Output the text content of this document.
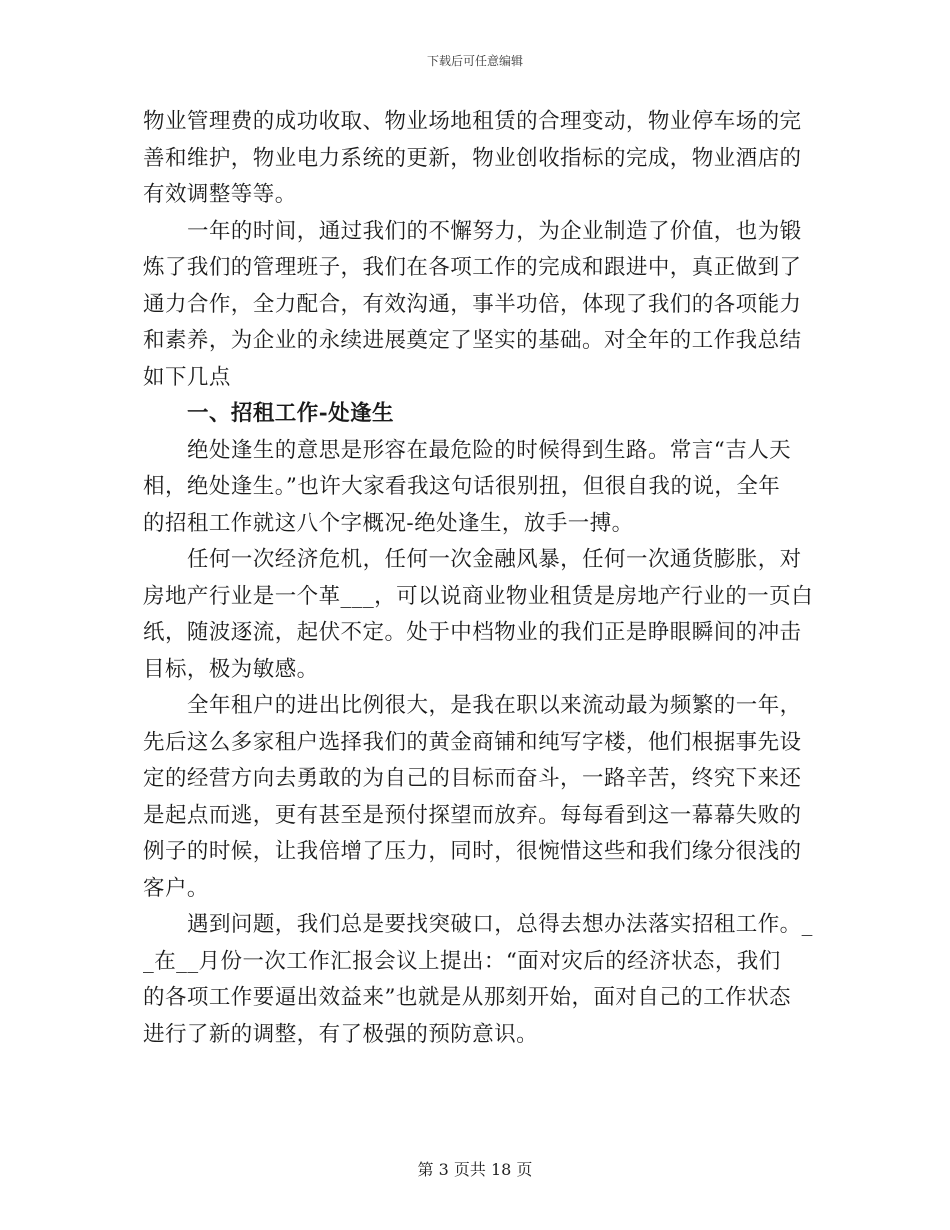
下载后可任意编辑
物业管理费的成功收取、物业场地租赁的合理变动，物业停车场的完
善和维护，物业电力系统的更新，物业创收指标的完成，物业酒店的
有效调整等等。
一年的时间，通过我们的不懈努力，为企业制造了价值，也为锻
炼了我们的管理班子，我们在各项工作的完成和跟进中，真正做到了
通力合作，全力配合，有效沟通，事半功倍，体现了我们的各项能力
和素养，为企业的永续进展奠定了坚实的基础。对全年的工作我总结
如下几点
一、招租工作-处逢生
绝处逢生的意思是形容在最危险的时候得到生路。常言“吉人天
相，绝处逢生。”也许大家看我这句话很别扭，但很自我的说，全年
的招租工作就这八个字概况-绝处逢生，放手一搏。
任何一次经济危机，任何一次金融风暴，任何一次通货膨胀，对
房地产行业是一个革___，可以说商业物业租赁是房地产行业的一页白
纸，随波逐流，起伏不定。处于中档物业的我们正是睁眼瞬间的冲击
目标，极为敏感。
全年租户的进出比例很大，是我在职以来流动最为频繁的一年，
先后这么多家租户选择我们的黄金商铺和纯写字楼，他们根据事先设
定的经营方向去勇敢的为自己的目标而奋斗，一路辛苦，终究下来还
是起点而逃，更有甚至是预付探望而放弃。每每看到这一幕幕失败的
例子的时候，让我倍增了压力，同时，很惋惜这些和我们缘分很浅的
客户。
遇到问题，我们总是要找突破口，总得去想办法落实招租工作。_
_在__月份一次工作汇报会议上提出：“面对灾后的经济状态，我们
的各项工作要逼出效益来”也就是从那刻开始，面对自己的工作状态
进行了新的调整，有了极强的预防意识。
第 3 页共 18 页
